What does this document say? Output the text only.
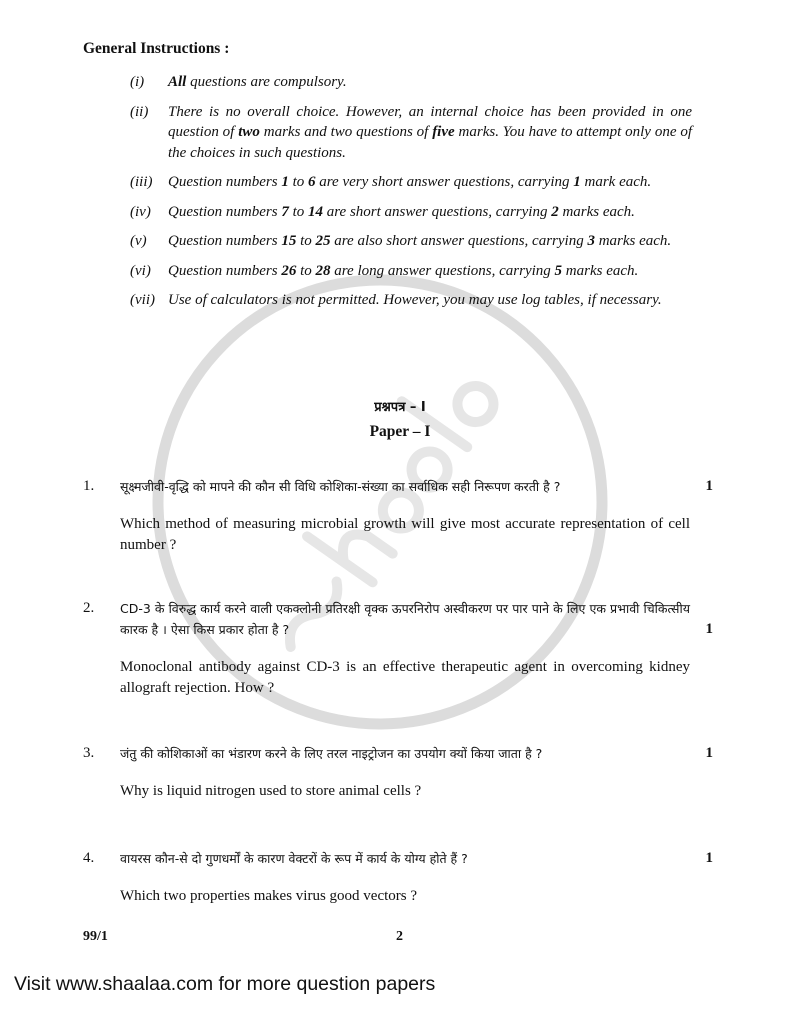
General Instructions :
(i)	All questions are compulsory.
(ii)	There is no overall choice. However, an internal choice has been provided in one question of two marks and two questions of five marks. You have to attempt only one of the choices in such questions.
(iii)	Question numbers 1 to 6 are very short answer questions, carrying 1 mark each.
(iv)	Question numbers 7 to 14 are short answer questions, carrying 2 marks each.
(v)	Question numbers 15 to 25 are also short answer questions, carrying 3 marks each.
(vi)	Question numbers 26 to 28 are long answer questions, carrying 5 marks each.
(vii) Use of calculators is not permitted. However, you may use log tables, if necessary.
प्रश्नपत्र – I
Paper – I
1. सूक्ष्मजीवी-वृद्धि को मापने की कौन सी विधि कोशिका-संख्या का सर्वाधिक सही निरूपण करती है ?	1
Which method of measuring microbial growth will give most accurate representation of cell number ?
2. CD-3 के विरुद्ध कार्य करने वाली एकक्लोनी प्रतिरक्षी वृक्क ऊपरनिरोप अस्वीकरण पर पार पाने के लिए एक प्रभावी चिकित्सीय कारक है । ऐसा किस प्रकार होता है ?	1
Monoclonal antibody against CD-3 is an effective therapeutic agent in overcoming kidney allograft rejection. How ?
3. जंतु की कोशिकाओं का भंडारण करने के लिए तरल नाइट्रोजन का उपयोग क्यों किया जाता है ?	1
Why is liquid nitrogen used to store animal cells ?
4. वायरस कौन-से दो गुणधर्मों के कारण वेक्टरों के रूप में कार्य के योग्य होते हैं ?	1
Which two properties makes virus good vectors ?
99/1	2
Visit www.shaalaa.com for more question papers
